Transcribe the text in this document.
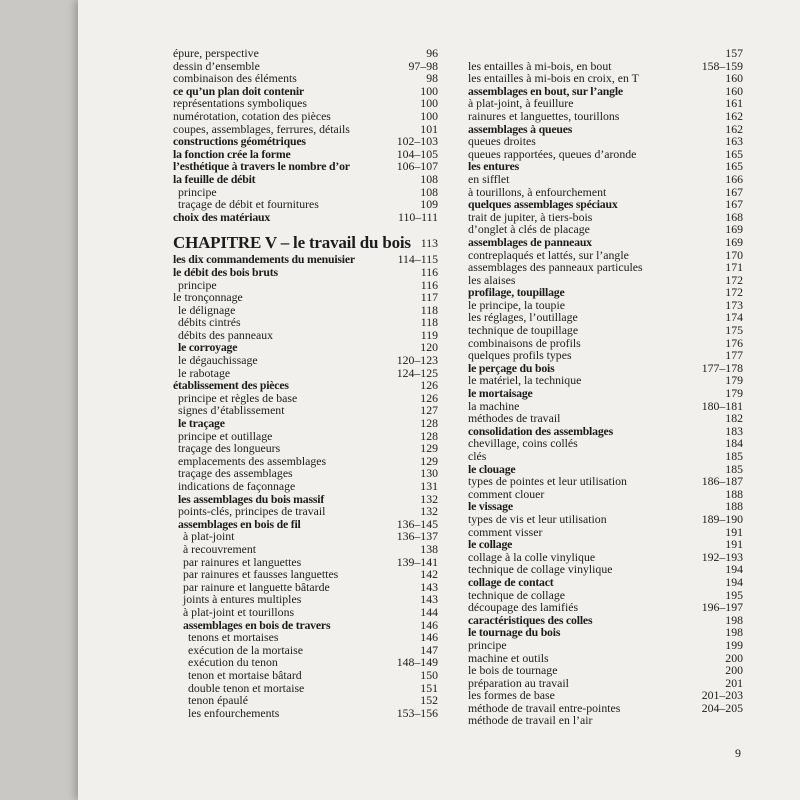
épure, perspective	96
dessin d’ensemble	97–98
combinaison des éléments	98
ce qu’un plan doit contenir	100
représentations symboliques	100
numérotation, cotation des pièces	100
coupes, assemblages, ferrures, détails	101
constructions géométriques	102–103
la fonction crée la forme	104–105
l’esthétique à travers le nombre d’or	106–107
la feuille de débit	108
principe	108
traçage de débit et fournitures	109
choix des matériaux	110–111
CHAPITRE V – le travail du bois 113
les dix commandements du menuisier	114–115
le débit des bois bruts	116
principe	116
le tronçonnage	117
le délignage	118
débits cintrés	118
débits des panneaux	119
le corroyage	120
le dégauchissage	120–123
le rabotage	124–125
établissement des pièces	126
principe et règles de base	126
signes d’établissement	127
le traçage	128
principe et outillage	128
traçage des longueurs	129
emplacements des assemblages	129
traçage des assemblages	130
indications de façonnage	131
les assemblages du bois massif	132
points-clés, principes de travail	132
assemblages en bois de fil	136–145
à plat-joint	136–137
à recouvrement	138
par rainures et languettes	139–141
par rainures et fausses languettes	142
par rainure et languette bâtarde	143
joints à entures multiples	143
à plat-joint et tourillons	144
assemblages en bois de travers	146
tenons et mortaises	146
exécution de la mortaise	147
exécution du tenon	148–149
tenon et mortaise bâtard	150
double tenon et mortaise	151
tenon épaulé	152
les enfourchements	153–156
157
les entailles à mi-bois, en bout	158–159
les entailles à mi-bois en croix, en T	160
assemblages en bout, sur l’angle	160
à plat-joint, à feuillure	161
rainures et languettes, tourillons	162
assemblages à queues	162
queues droites	163
queues rapportées, queues d’aronde	165
les entures	165
en sifflet	166
à tourillons, à enfourchement	167
quelques assemblages spéciaux	167
trait de jupiter, à tiers-bois	168
d’onglet à clés de placage	169
assemblages de panneaux	169
contreplaqués et lattés, sur l’angle	170
assemblages des panneaux particules	171
les alaises	172
profilage, toupillage	172
le principe, la toupie	173
les réglages, l’outillage	174
technique de toupillage	175
combinaisons de profils	176
quelques profils types	177
le perçage du bois	177–178
le matériel, la technique	179
le mortaisage	179
la machine	180–181
méthodes de travail	182
consolidation des assemblages	183
chevillage, coins collés	184
clés	185
le clouage	185
types de pointes et leur utilisation	186–187
comment clouer	188
le vissage	188
types de vis et leur utilisation	189–190
comment visser	191
le collage	191
collage à la colle vinylique	192–193
technique de collage vinylique	194
collage de contact	194
technique de collage	195
découpage des lamifiés	196–197
caractéristiques des colles	198
le tournage du bois	198
principe	199
machine et outils	200
le bois de tournage	200
préparation au travail	201
les formes de base	201–203
méthode de travail entre-pointes	204–205
méthode de travail en l’air
9
